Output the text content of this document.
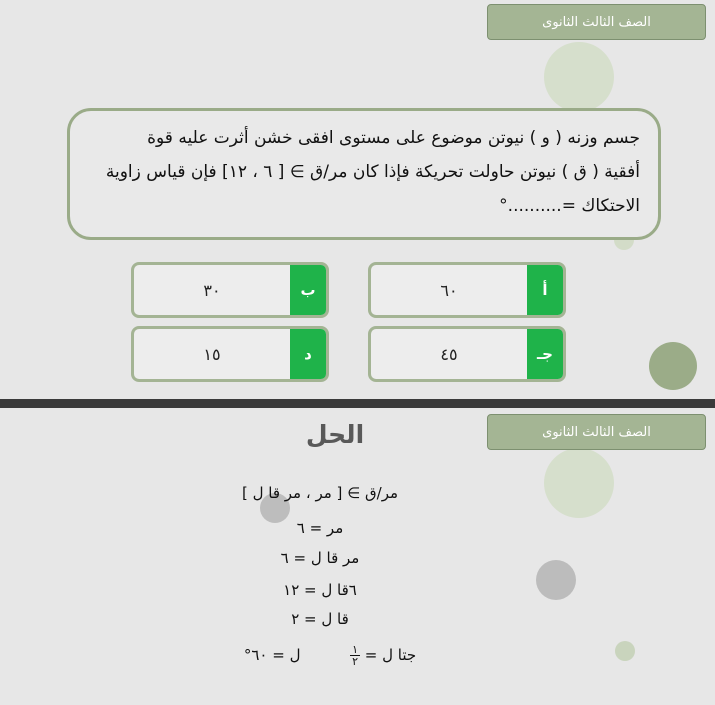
الصف الثالث الثانوى
جسم وزنه ( و ) نيوتن موضوع على مستوى افقى خشن أثرت عليه قوة
أفقية ( ق ) نيوتن حاولت تحريكة فإذا كان مر/ق ∋ [ ٦ ، ١٢] فإن قياس زاوية
الاحتكاك =..........°
أ
٦٠
ب
٣٠
جـ
٤٥
د
١٥
الصف الثالث الثانوى
الحل
مر/ق ∋ [ مر ، مر قا ل ]
مر = ٦
مر قا ل = ٦
٦قا ل = ١٢
قا ل = ٢
جتا ل =
$\frac{١}{٢}$
ل = ٦٠°
